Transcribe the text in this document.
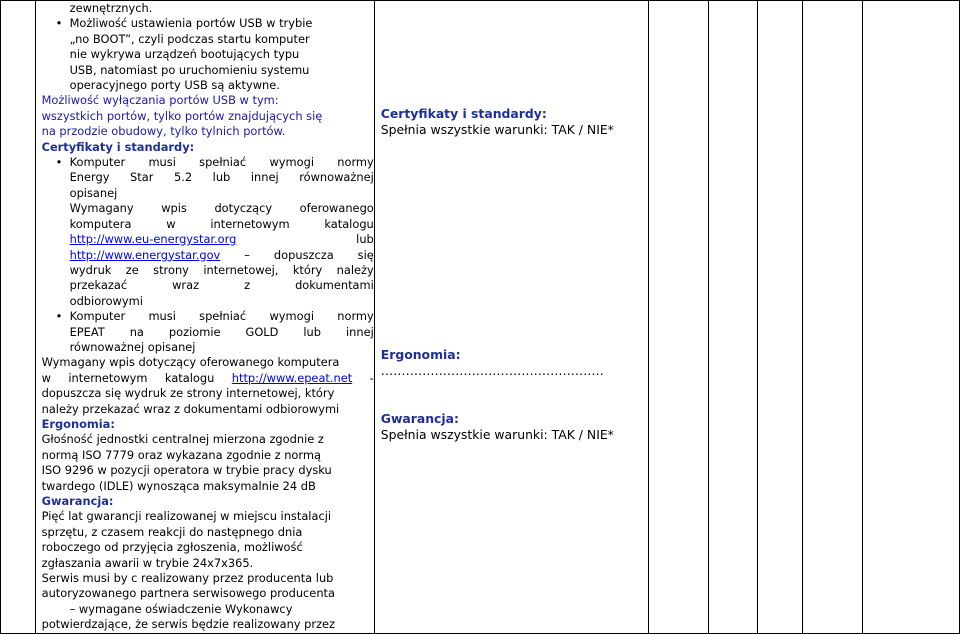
zewnętrznych.

• Możliwość ustawienia portów USB w trybie

„no BOOT”, czyli podczas startu komputer

nie wykrywa urządzeń bootujących typu

USB, natomiast po uruchomieniu systemu

operacyjnego porty USB są aktywne.

Możliwość wyłączania portów USB w tym:

wszystkich portów, tylko portów znajdujących się

na przodzie obudowy, tylko tylnich portów.

Certyfikaty i standardy:

• Komputer musi spełniać wymogi normy

Energy Star 5.2 lub innej równoważnej

opisanej

Wymagany wpis dotyczący oferowanego

komputera w internetowym katalogu

http://www.eu-energystar.org	lub

http://www.energystar.gov – dopuszcza się

wydruk ze strony internetowej, który należy

przekazać wraz z dokumentami

odbiorowymi

• Komputer musi spełniać wymogi normy

EPEAT na poziomie GOLD lub innej

równoważnej opisanej

Wymagany wpis dotyczący oferowanego komputera

w internetowym katalogu http://www.epeat.net -

dopuszcza się wydruk ze strony internetowej, który

należy przekazać wraz z dokumentami odbiorowymi

Ergonomia:

Głośność jednostki centralnej mierzona zgodnie z

normą ISO 7779 oraz wykazana zgodnie z normą

ISO 9296 w pozycji operatora w trybie pracy dysku

twardego (IDLE) wynosząca maksymalnie 24 dB

Gwarancja:

Pięć lat gwarancji realizowanej w miejscu instalacji

sprzętu, z czasem reakcji do następnego dnia

roboczego od przyjęcia zgłoszenia, możliwość

zgłaszania awarii w trybie 24x7x365.

Serwis musi by c realizowany przez producenta lub

autoryzowanego partnera serwisowego producenta

– wymagane oświadczenie Wykonawcy

potwierdzające, że serwis będzie realizowany przez

Certyfikaty i standardy:
Spełnia wszystkie warunki: TAK / NIE*
Ergonomia:
………………………………………………
Gwarancja:
Spełnia wszystkie warunki: TAK / NIE*
